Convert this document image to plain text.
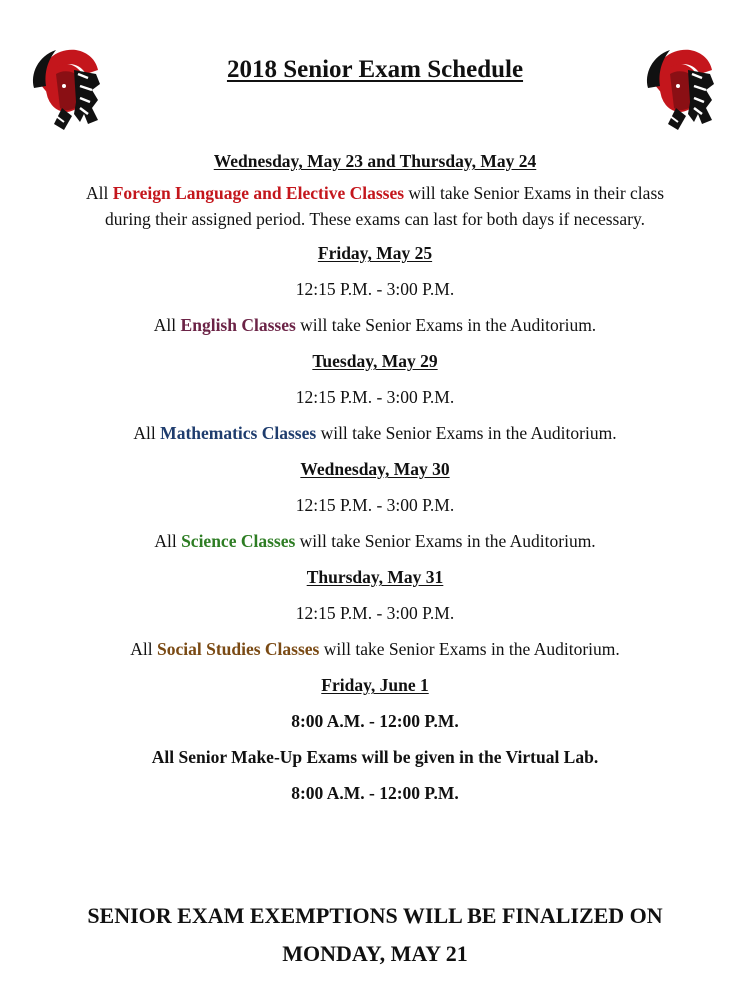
2018 Senior Exam Schedule
Wednesday, May 23 and Thursday, May 24
All Foreign Language and Elective Classes will take Senior Exams in their class
during their assigned period. These exams can last for both days if necessary.
Friday, May 25
12:15 P.M. - 3:00 P.M.
All English Classes will take Senior Exams in the Auditorium.
Tuesday, May 29
12:15 P.M. - 3:00 P.M.
All Mathematics Classes will take Senior Exams in the Auditorium.
Wednesday, May 30
12:15 P.M. - 3:00 P.M.
All Science Classes will take Senior Exams in the Auditorium.
Thursday, May 31
12:15 P.M. - 3:00 P.M.
All Social Studies Classes will take Senior Exams in the Auditorium.
Friday, June 1
8:00 A.M. - 12:00 P.M.
All Senior Make-Up Exams will be given in the Virtual Lab.
8:00 A.M. - 12:00 P.M.
SENIOR EXAM EXEMPTIONS WILL BE FINALIZED ON
MONDAY, MAY 21
